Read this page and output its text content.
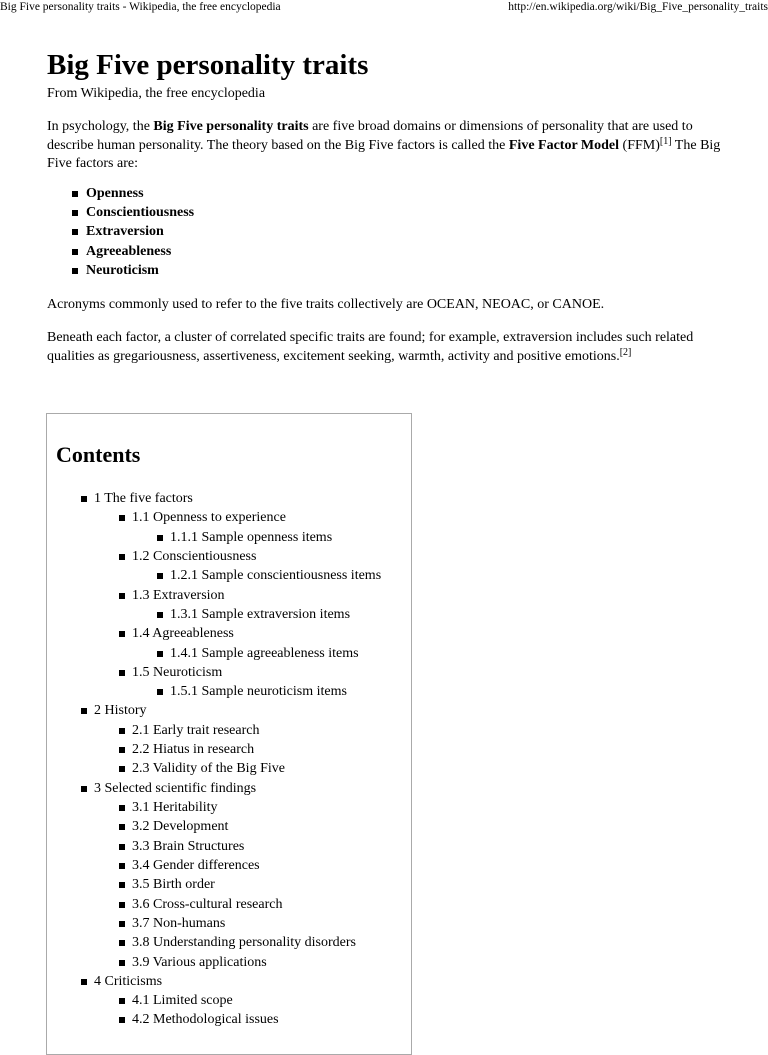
Big Five personality traits - Wikipedia, the free encyclopedia	http://en.wikipedia.org/wiki/Big_Five_personality_traits
Big Five personality traits
From Wikipedia, the free encyclopedia

In psychology, the Big Five personality traits are five broad domains or dimensions of personality that are used to describe human personality. The theory based on the Big Five factors is called the Five Factor Model (FFM)[1] The Big Five factors are:

Openness
Conscientiousness
Extraversion
Agreeableness
Neuroticism

Acronyms commonly used to refer to the five traits collectively are OCEAN, NEOAC, or CANOE.

Beneath each factor, a cluster of correlated specific traits are found; for example, extraversion includes such related qualities as gregariousness, assertiveness, excitement seeking, warmth, activity and positive emotions.[2]

Contents
1 The five factors
1.1 Openness to experience
1.1.1 Sample openness items
1.2 Conscientiousness
1.2.1 Sample conscientiousness items
1.3 Extraversion
1.3.1 Sample extraversion items
1.4 Agreeableness
1.4.1 Sample agreeableness items
1.5 Neuroticism
1.5.1 Sample neuroticism items
2 History
2.1 Early trait research
2.2 Hiatus in research
2.3 Validity of the Big Five
3 Selected scientific findings
3.1 Heritability
3.2 Development
3.3 Brain Structures
3.4 Gender differences
3.5 Birth order
3.6 Cross-cultural research
3.7 Non-humans
3.8 Understanding personality disorders
3.9 Various applications
4 Criticisms
4.1 Limited scope
4.2 Methodological issues
